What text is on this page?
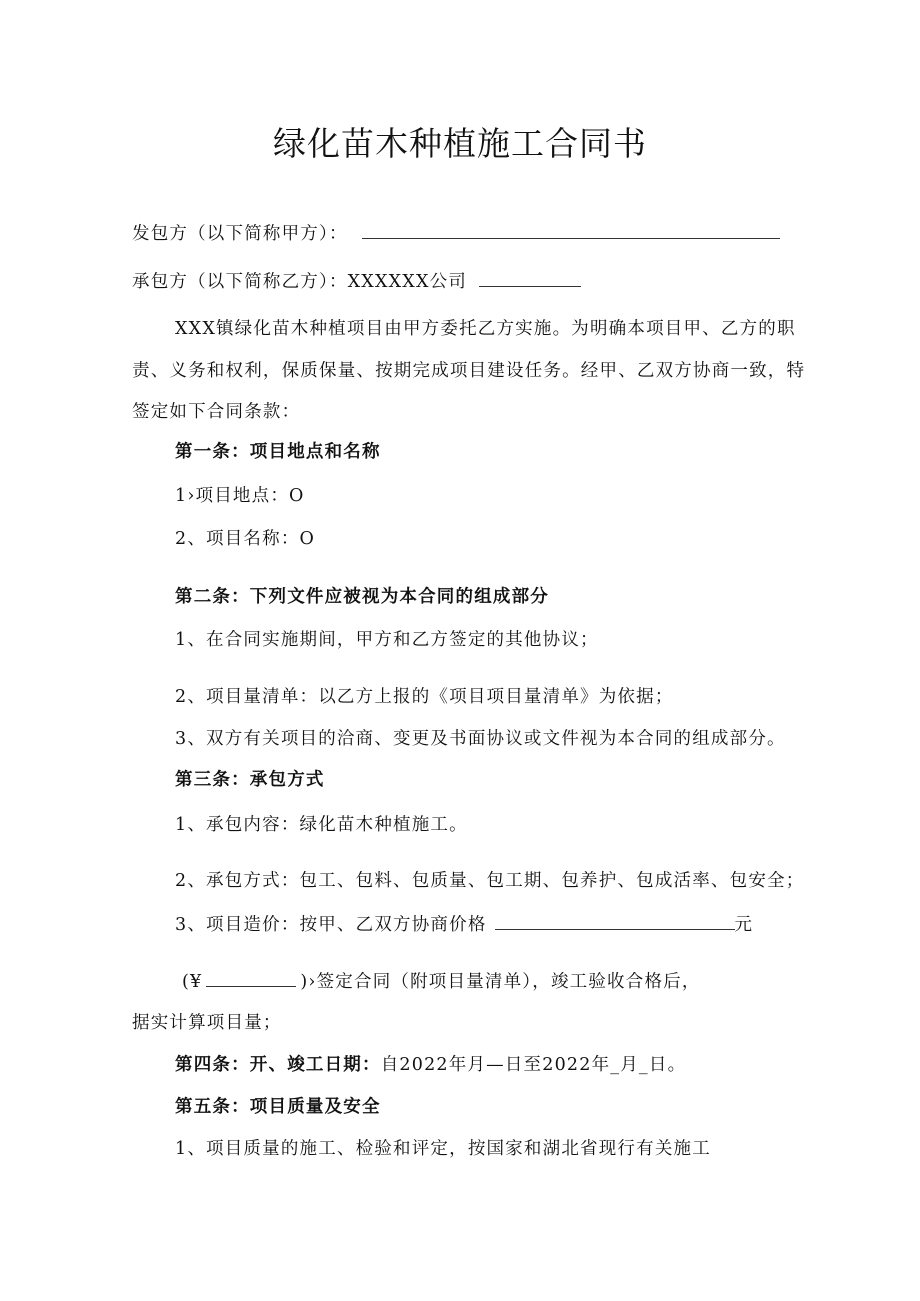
绿化苗木种植施工合同书
发包方（以下简称甲方）：
承包方（以下简称乙方）：XXXXXX公司
XXX镇绿化苗木种植项目由甲方委托乙方实施。为明确本项目甲、乙方的职
责、义务和权利，保质保量、按期完成项目建设任务。经甲、乙双方协商一致，特
签定如下合同条款：
第一条：项目地点和名称
1›项目地点：O
2、项目名称：O
第二条：下列文件应被视为本合同的组成部分
1、在合同实施期间，甲方和乙方签定的其他协议；
2、项目量清单：以乙方上报的《项目项目量清单》为依据；
3、双方有关项目的洽商、变更及书面协议或文件视为本合同的组成部分。
第三条：承包方式
1、承包内容：绿化苗木种植施工。
2、承包方式：包工、包料、包质量、包工期、包养护、包成活率、包安全；
3、项目造价：按甲、乙双方协商价格	元
(¥	)›签定合同（附项目量清单），竣工验收合格后，
据实计算项目量；
第四条：开、竣工日期：自2022年月—日至2022年_月_日。
第五条：项目质量及安全
1、项目质量的施工、检验和评定，按国家和湖北省现行有关施工
